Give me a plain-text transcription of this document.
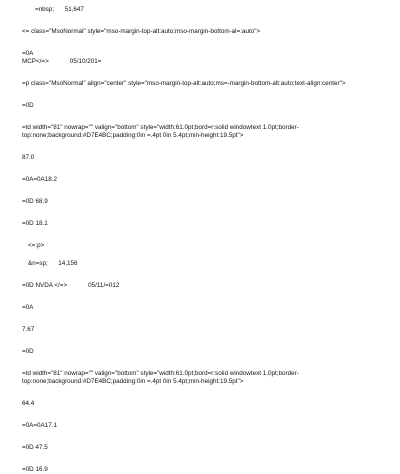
=nbsp;      51,647

<= class="MsoNormal" style="mso-margin-top-alt:auto;mso-margin-bottom-al=:auto">

=0A

MCP</=>            05/10/201=

=p class="MsoNormal" align="center" style="mso-margin-top-alt:auto;ms=-margin-bottom-alt:auto;text-align:center">

=0D

=td width="81" nowrap="" valign="bottom" style="width:61.0pt;bord=r:solid windowtext 1.0pt;border-top:none;background:#D7E4BC;padding:0in =.4pt 0in 5.4pt;min-height:19.5pt">

87.0

=0A=0A18.2

=0D 68.9

=0D 18.1

<=:p>

&n=sp;      14,156

=0D NVDA </=>            05/11/=012

=0A

7.67

=0D

=td width="81" nowrap="" valign="bottom" style="width:61.0pt;bord=r:solid windowtext 1.0pt;border-top:none;background:#D7E4BC;padding:0in =.4pt 0in 5.4pt;min-height:19.5pt">

64.4

=0A=0A17.1

=0D 47.5

=0D 16.9
